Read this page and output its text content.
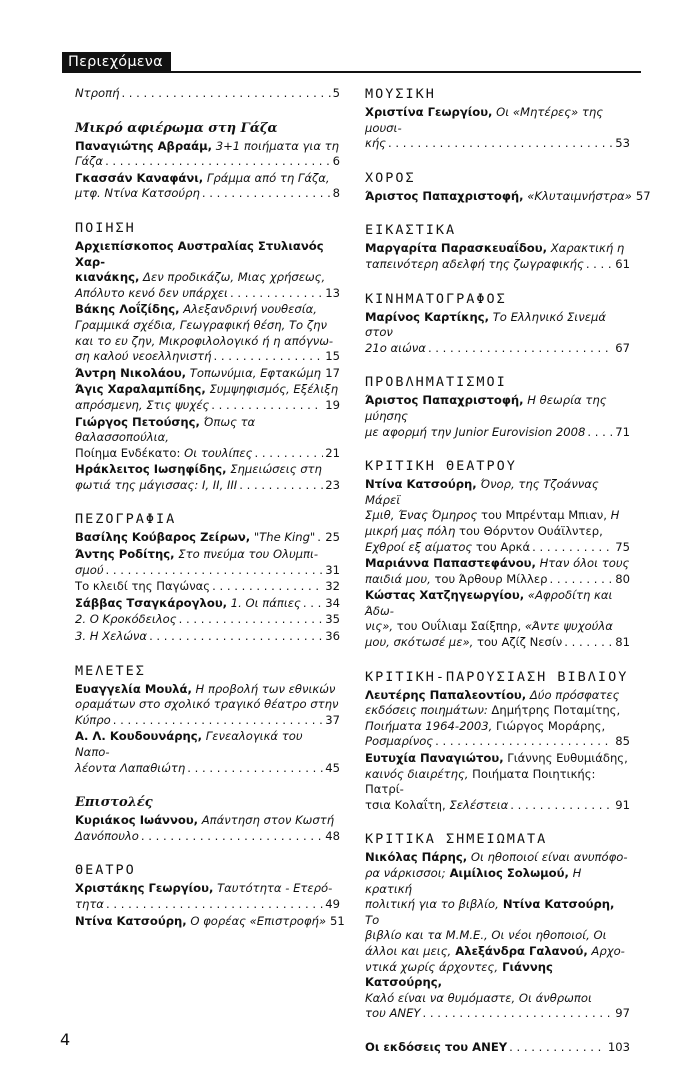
Περιεχόμενα
Ντροπή . . .	5
Μικρό αφιέρωμα στη Γάζα
Παναγιώτης Αβραάμ, 3+1 ποιήματα για τη
Γάζα . . .	6
Γκασσάν Καναφάνι, Γράμμα από τη Γάζα,
μτφ. Ντίνα Κατσούρη . . .	8
ΠΟΙΗΣΗ
Αρχιεπίσκοπος Αυστραλίας Στυλιανός Χαρ-
κιανάκης, Δεν προδικάζω, Μιας χρήσεως,
Απόλυτο κενό δεν υπάρχει . . .	13
Βάκης Λοΐζίδης, Αλεξανδρινή νουθεσία,
Γραμμικά σχέδια, Γεωγραφική θέση, Το ζην
και το ευ ζην, Μικροφιλολογικό ή η απόγνω-
ση καλού νεοελληνιστή . . .	15
Άντρη Νικολάου, Τοπωνύμια, Εφτακώμη . . . 17
Άγις Χαραλαμπίδης, Συμψηφισμός, Εξέλιξη
απρόσμενη, Στις ψυχές . . .	19
Γιώργος Πετούσης, Όπως τα θαλασσοπούλια,
Ποίημα Ενδέκατο: Οι τουλίπες . . .	21
Ηράκλειτος Ιωσηφίδης, Σημειώσεις στη
φωτιά της μάγισσας: I, II, III . . .	23
ΠΕΖΟΓΡΑΦΙΑ
Βασίλης Κούβαρος Ζείρων, "The King" . . . 25
Άντης Ροδίτης, Στο πνεύμα του Ολυμπι-
σμού . . .	31
Το κλειδί της Παγώνας . . .	32
Σάββας Τσαγκάρογλου, 1. Οι πάπιες . . . 34
2. Ο Κροκόδειλος . . .	35
3. Η Χελώνα . . .	36
ΜΕΛΕΤΕΣ
Ευαγγελία Μουλά, Η προβολή των εθνικών
οραμάτων στο σχολικό τραγικό θέατρο στην
Κύπρο . . .	37
Α. Λ. Κουδουνάρης, Γενεαλογικά του Ναπο-
λέοντα Λαπαθιώτη . . .	45
Επιστολές
Κυριάκος Ιωάννου, Απάντηση στον Κωστή
Δανόπουλο . . .	48
ΘΕΑΤΡΟ
Χριστάκης Γεωργίου, Ταυτότητα - Ετερό-
τητα . . .	49
Ντίνα Κατσούρη, Ο φορέας «Επιστροφή» 51
ΜΟΥΣΙΚΗ
Χριστίνα Γεωργίου, Οι «Μητέρες» της μουσι-
κής . . .	53
ΧΟΡΟΣ
Άριστος Παπαχριστοφή, «Κλυταιμνήστρα» 57
ΕΙΚΑΣΤΙΚΑ
Μαργαρίτα Παρασκευαΐδου, Χαρακτική η
ταπεινότερη αδελφή της ζωγραφικής . . .	61
ΚΙΝΗΜΑΤΟΓΡΑΦΟΣ
Μαρίνος Καρτίκης, Το Ελληνικό Σινεμά στον
21ο αιώνα . . .	67
ΠΡΟΒΛΗΜΑΤΙΣΜΟΙ
Άριστος Παπαχριστοφή, Η θεωρία της μύησης
με αφορμή την Junior Eurovision 2008 . . .	71
ΚΡΙΤΙΚΗ ΘΕΑΤΡΟΥ
Ντίνα Κατσούρη, Όνορ, της Τζοάννας Μάρεϊ
Σμιθ, Ένας Όμηρος του Μπρένταμ Μπιαν, Η
μικρή μας πόλη του Θόρντον Ουάϊλντερ,
Εχθροί εξ αίματος του Αρκά . . .	75
Μαριάννα Παπαστεφάνου, Ηταν όλοι τους
παιδιά μου, του Άρθουρ Μίλλερ . . .	80
Κώστας Χατζηγεωργίου, «Αφροδίτη και Άδω-
νις», του Ουΐλιαμ Σαίξπηρ, «Άντε ψυχούλα
μου, σκότωσέ με», του Αζίζ Νεσίν . . .	81
ΚΡΙΤΙΚΗ-ΠΑΡΟΥΣΙΑΣΗ ΒΙΒΛΙΟΥ
Λευτέρης Παπαλεοντίου, Δύο πρόσφατες
εκδόσεις ποιημάτων: Δημήτρης Ποταμίτης,
Ποιήματα 1964-2003, Γιώργος Μοράρης,
Ροσμαρίνος . . .	85
Ευτυχία Παναγιώτου, Γιάννης Ευθυμιάδης,
καινός διαιρέτης, Ποιήματα Ποιητικής: Πατρί-
τσια Κολαΐτη, Σελέστεια . . .	91
ΚΡΙΤΙΚΑ ΣΗΜΕΙΩΜΑΤΑ
Νικόλας Πάρης, Οι ηθοποιοί είναι ανυπόφο-
ρα νάρκισσοι; Αιμίλιος Σολωμού, Η κρατική
πολιτική για το βιβλίο, Ντίνα Κατσούρη, Το
βιβλίο και τα Μ.Μ.Ε., Οι νέοι ηθοποιοί, Οι
άλλοι και μεις, Αλεξάνδρα Γαλανού, Αρχο-
ντικά χωρίς άρχοντες, Γιάννης Κατσούρης,
Καλό είναι να θυμόμαστε, Οι άνθρωποι
του ΑΝΕΥ . . .	97
Οι εκδόσεις του ΑΝΕΥ . . .	103
4
